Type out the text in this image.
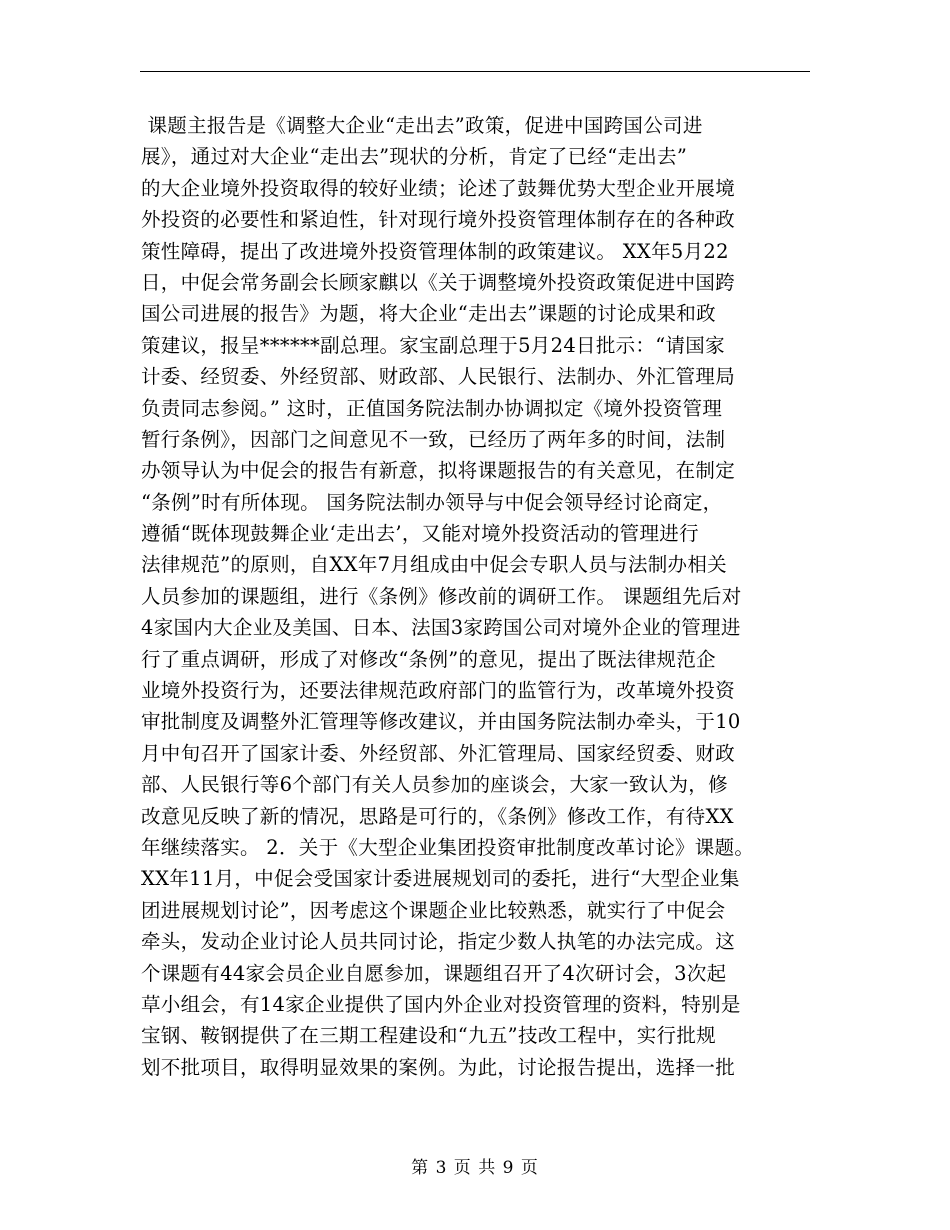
课题主报告是《调整大企业“走出去”政策，促进中国跨国公司进
展》，通过对大企业“走出去”现状的分析，肯定了已经“走出去”
的大企业境外投资取得的较好业绩；论述了鼓舞优势大型企业开展境
外投资的必要性和紧迫性，针对现行境外投资管理体制存在的各种政
策性障碍，提出了改进境外投资管理体制的政策建议。 XX年5月22
日，中促会常务副会长顾家麒以《关于调整境外投资政策促进中国跨
国公司进展的报告》为题，将大企业“走出去”课题的讨论成果和政
策建议，报呈******副总理。家宝副总理于5月24日批示：“请国家
计委、经贸委、外经贸部、财政部、人民银行、法制办、外汇管理局
负责同志参阅。” 这时，正值国务院法制办协调拟定《境外投资管理
暂行条例》，因部门之间意见不一致，已经历了两年多的时间，法制
办领导认为中促会的报告有新意，拟将课题报告的有关意见，在制定
“条例”时有所体现。 国务院法制办领导与中促会领导经讨论商定，
遵循“既体现鼓舞企业‘走出去’，又能对境外投资活动的管理进行
法律规范”的原则，自XX年7月组成由中促会专职人员与法制办相关
人员参加的课题组，进行《条例》修改前的调研工作。 课题组先后对
4家国内大企业及美国、日本、法国3家跨国公司对境外企业的管理进
行了重点调研，形成了对修改“条例”的意见，提出了既法律规范企
业境外投资行为，还要法律规范政府部门的监管行为，改革境外投资
审批制度及调整外汇管理等修改建议，并由国务院法制办牵头，于10
月中旬召开了国家计委、外经贸部、外汇管理局、国家经贸委、财政
部、人民银行等6个部门有关人员参加的座谈会，大家一致认为，修
改意见反映了新的情况，思路是可行的，《条例》修改工作，有待XX
年继续落实。 2．关于《大型企业集团投资审批制度改革讨论》课题。
XX年11月，中促会受国家计委进展规划司的委托，进行“大型企业集
团进展规划讨论”，因考虑这个课题企业比较熟悉，就实行了中促会
牵头，发动企业讨论人员共同讨论，指定少数人执笔的办法完成。这
个课题有44家会员企业自愿参加，课题组召开了4次研讨会，3次起
草小组会，有14家企业提供了国内外企业对投资管理的资料，特别是
宝钢、鞍钢提供了在三期工程建设和“九五”技改工程中，实行批规
划不批项目，取得明显效果的案例。为此，讨论报告提出，选择一批
第 3 页 共 9 页
